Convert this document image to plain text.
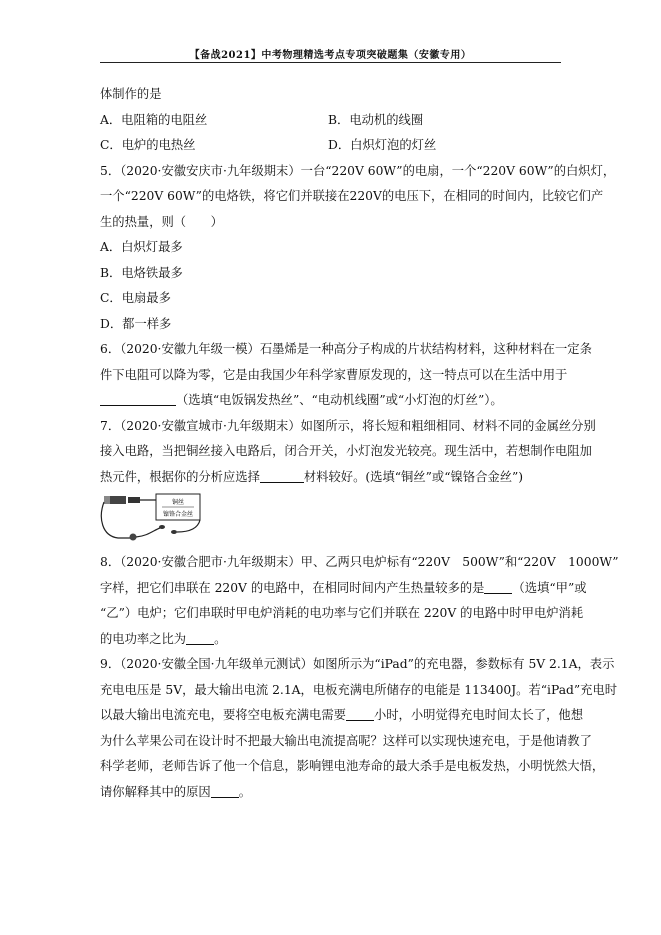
【备战2021】中考物理精选考点专项突破题集（安徽专用）
体制作的是
A．电阻箱的电阻丝	B．电动机的线圈
C．电炉的电热丝	D．白炽灯泡的灯丝
5．（2020·安徽安庆市·九年级期末）一台“220V 60W”的电扇，一个“220V 60W”的白炽灯，
一个“220V 60W”的电烙铁，将它们并联接在220V的电压下，在相同的时间内，比较它们产
生的热量，则（　　）
A．白炽灯最多
B．电烙铁最多
C．电扇最多
D．都一样多
6．（2020·安徽九年级一模）石墨烯是一种高分子构成的片状结构材料，这种材料在一定条
件下电阻可以降为零，它是由我国少年科学家曹原发现的，这一特点可以在生活中用于
（选填“电饭锅发热丝”、“电动机线圈”或“小灯泡的灯丝”）。
7．（2020·安徽宣城市·九年级期末）如图所示，将长短和粗细相同、材料不同的金属丝分别
接入电路，当把铜丝接入电路后，闭合开关，小灯泡发光较亮。现生活中，若想制作电阻加
热元件，根据你的分析应选择	材料较好。(选填“铜丝”或“镍铬合金丝”)
铜丝
镍铬合金丝
8．（2020·安徽合肥市·九年级期末）甲、乙两只电炉标有“220V　500W”和“220V　1000W”
字样，把它们串联在 220V 的电路中，在相同时间内产生热量较多的是 （选填“甲”或
“乙”）电炉；它们串联时甲电炉消耗的电功率与它们并联在 220V 的电路中时甲电炉消耗
的电功率之比为 。
9．（2020·安徽全国·九年级单元测试）如图所示为“iPad”的充电器，参数标有 5V 2.1A，表示
充电电压是 5V，最大输出电流 2.1A，电板充满电所储存的电能是 113400J。若“iPad”充电时
以最大输出电流充电，要将空电板充满电需要 小时，小明觉得充电时间太长了，他想
为什么苹果公司在设计时不把最大输出电流提高呢？这样可以实现快速充电，于是他请教了
科学老师，老师告诉了他一个信息，影响锂电池寿命的最大杀手是电板发热，小明恍然大悟，
请你解释其中的原因 。
